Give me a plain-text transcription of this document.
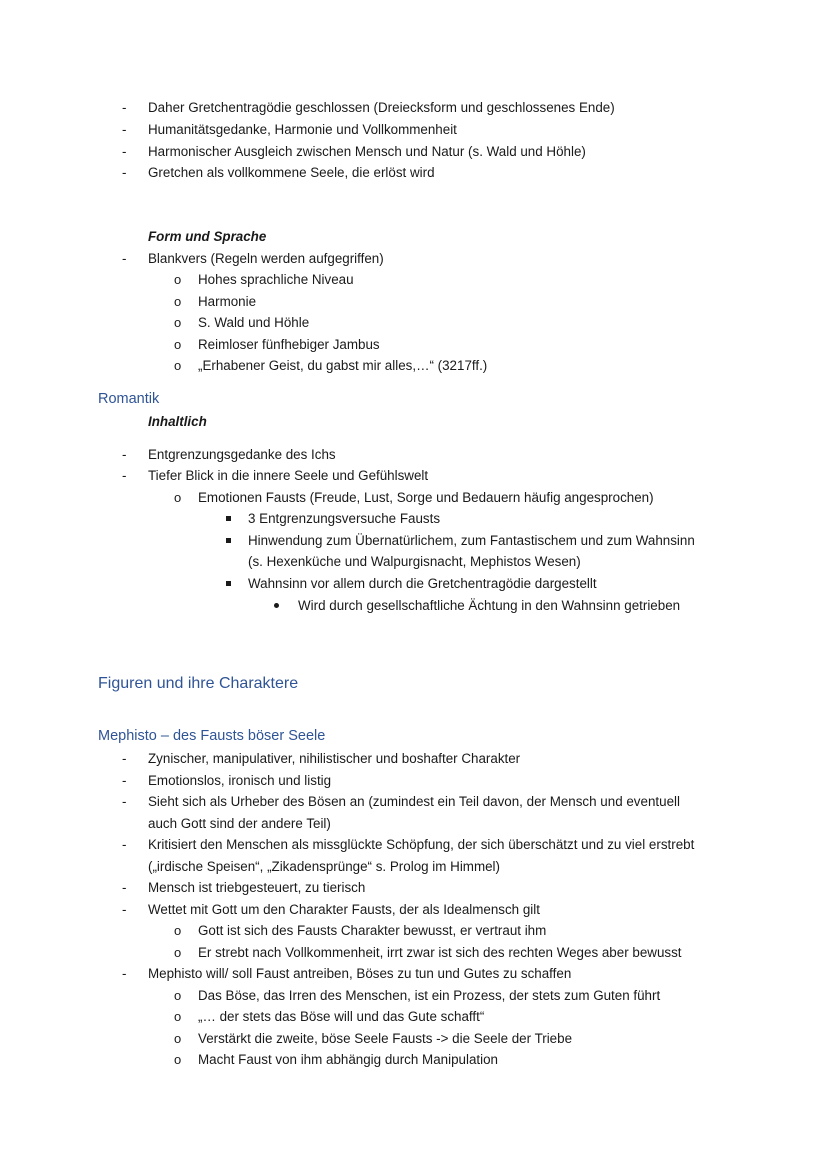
- Daher Gretchentragödie geschlossen (Dreiecksform und geschlossenes Ende)
- Humanitätsgedanke, Harmonie und Vollkommenheit
- Harmonischer Ausgleich zwischen Mensch und Natur (s. Wald und Höhle)
- Gretchen als vollkommene Seele, die erlöst wird
Form und Sprache
- Blankvers (Regeln werden aufgegriffen)
o Hohes sprachliche Niveau
o Harmonie
o S. Wald und Höhle
o Reimloser fünfhebiger Jambus
o „Erhabener Geist, du gabst mir alles,…“ (3217ff.)
Romantik
Inhaltlich
- Entgrenzungsgedanke des Ichs
- Tiefer Blick in die innere Seele und Gefühlswelt
o Emotionen Fausts (Freude, Lust, Sorge und Bedauern häufig angesprochen)
3 Entgrenzungsversuche Fausts
Hinwendung zum Übernatürlichem, zum Fantastischem und zum Wahnsinn
(s. Hexenküche und Walpurgisnacht, Mephistos Wesen)
Wahnsinn vor allem durch die Gretchentragödie dargestellt
Wird durch gesellschaftliche Ächtung in den Wahnsinn getrieben
Figuren und ihre Charaktere
Mephisto – des Fausts böser Seele
- Zynischer, manipulativer, nihilistischer und boshafter Charakter
- Emotionslos, ironisch und listig
- Sieht sich als Urheber des Bösen an (zumindest ein Teil davon, der Mensch und eventuell
auch Gott sind der andere Teil)
- Kritisiert den Menschen als missglückte Schöpfung, der sich überschätzt und zu viel erstrebt
(„irdische Speisen“, „Zikadensprünge“ s. Prolog im Himmel)
- Mensch ist triebgesteuert, zu tierisch
- Wettet mit Gott um den Charakter Fausts, der als Idealmensch gilt
o Gott ist sich des Fausts Charakter bewusst, er vertraut ihm
o Er strebt nach Vollkommenheit, irrt zwar ist sich des rechten Weges aber bewusst
- Mephisto will/ soll Faust antreiben, Böses zu tun und Gutes zu schaffen
o Das Böse, das Irren des Menschen, ist ein Prozess, der stets zum Guten führt
o „… der stets das Böse will und das Gute schafft“
o Verstärkt die zweite, böse Seele Fausts -> die Seele der Triebe
o Macht Faust von ihm abhängig durch Manipulation
